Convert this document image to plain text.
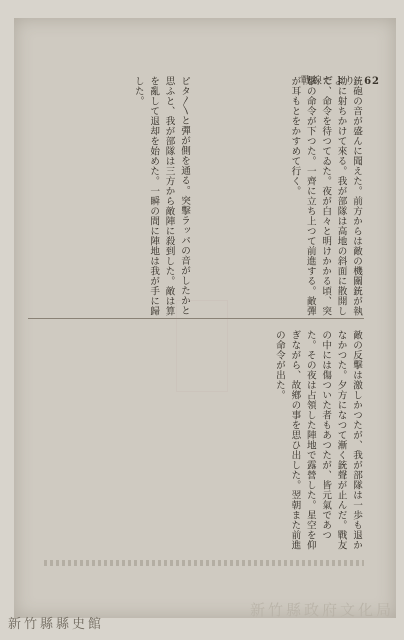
戰線だより 62
銃砲の音が盛んに聞えた。前方からは敵の機關銃が執拗に射ちかけて來る。我が部隊は高地の斜面に散開して、命令を待つてゐた。夜が白々と明けかかる頃、突擊の命令が下つた。一齊に立ち上つて前進する。敵彈が耳もとをかすめて行く。
ピタ〳〵と彈が側を通る。突擊ラッパの音がしたかと思ふと、我が部隊は三方から敵陣に殺到した。敵は算を亂して退却を始めた。一瞬の間に陣地は我が手に歸した。
敵の反擊は激しかつたが、我が部隊は一歩も退かなかつた。夕方になつて漸く銃聲が止んだ。戰友の中には傷ついた者もあつたが、皆元氣であつた。その夜は占領した陣地で露營した。星空を仰ぎながら、故鄕の事を思ひ出した。翌朝また前進の命令が出た。
新竹縣政府文化局
新竹縣縣史館
